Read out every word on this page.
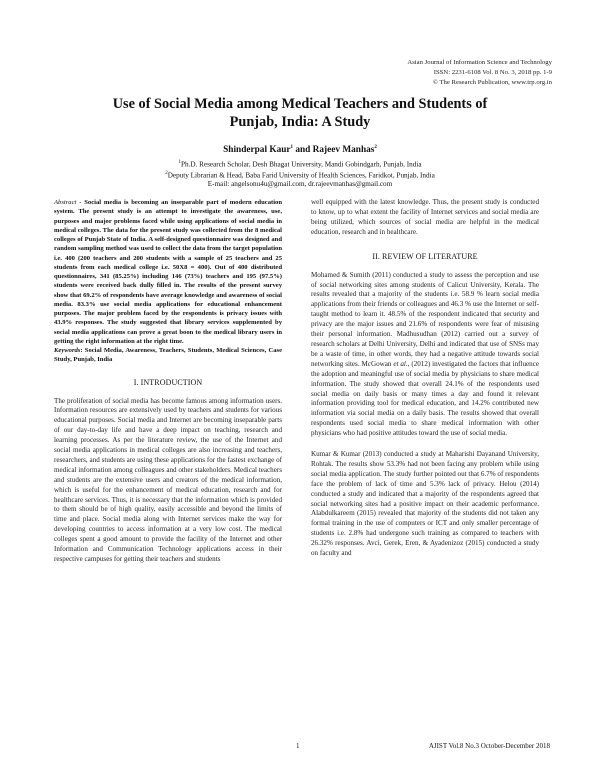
Asian Journal of Information Science and Technology
ISSN: 2231-6108 Vol. 8 No. 3, 2018 pp. 1-9
© The Research Publication, www.trp.org.in
Use of Social Media among Medical Teachers and Students of
Punjab, India: A Study
Shinderpal Kaur$^1$ and Rajeev Manhas$^2$
$^1$Ph.D. Research Scholar, Desh Bhagat University, Mandi Gobindgarh, Punjab, India
$^2$Deputy Librarian & Head, Baba Farid University of Health Sciences, Faridkot, Punjab, India
E-mail: angelsonu4u@gmail.com, dr.rajeevmanhas@gmail.com

Abstract - Social media is becoming an inseparable part of modern education system. The present study is an attempt to investigate the awareness, use, purposes and major problems faced while using applications of social media in medical colleges. The data for the present study was collected from the 8 medical colleges of Punjab State of India. A self-designed questionnaire was designed and random sampling method was used to collect the data from the target population i.e. 400 (200 teachers and 200 students with a sample of 25 teachers and 25 students from each medical college i.e. 50X8 = 400). Out of 400 distributed questionnaires, 341 (85.25%) including 146 (73%) teachers and 195 (97.5%) students were received back dully filled in. The results of the present survey show that 69.2% of respondents have average knowledge and awareness of social media. 83.3% use social media applications for educational enhancement purposes. The major problem faced by the respondents is privacy issues with 43.9% responses. The study suggested that library services supplemented by social media applications can prove a great boon to the medical library users in getting the right information at the right time.

Keywords: Social Media, Awareness, Teachers, Students, Medical Sciences, Case Study, Punjab, India

I. INTRODUCTION

The proliferation of social media has become famous among information users. Information resources are extensively used by teachers and students for various educational purposes. Social media and Internet are becoming inseparable parts of our day-to-day life and have a deep impact on teaching, research and learning processes. As per the literature review, the use of the Internet and social media applications in medical colleges are also increasing and teachers, researchers, and students are using these applications for the fastest exchange of medical information among colleagues and other stakeholders. Medical teachers and students are the extensive users and creators of the medical information, which is useful for the enhancement of medical education, research and for healthcare services. Thus, it is necessary that the information which is provided to them should be of high quality, easily accessible and beyond the limits of time and place. Social media along with Internet services make the way for developing countries to access information at a very low cost. The medical colleges spent a good amount to provide the facility of the Internet and other Information and Communication Technology applications access in their respective campuses for getting their teachers and students

well equipped with the latest knowledge. Thus, the present study is conducted to know, up to what extent the facility of Internet services and social media are being utilized, which sources of social media are helpful in the medical education, research and in healthcare.

II. REVIEW OF LITERATURE

Mohamed & Sumith (2011) conducted a study to assess the perception and use of social networking sites among students of Calicut University, Kerala. The results revealed that a majority of the students i.e. 58.9 % learn social media applications from their friends or colleagues and 46.3 % use the Internet or self-taught method to learn it. 48.5% of the respondent indicated that security and privacy are the major issues and 21.6% of respondents were fear of misusing their personal information. Madhusudhan (2012) carried out a survey of research scholars at Delhi University, Delhi and indicated that use of SNSs may be a waste of time, in other words, they had a negative attitude towards social networking sites. McGowan et al., (2012) investigated the factors that influence the adoption and meaningful use of social media by physicians to share medical information. The study showed that overall 24.1% of the respondents used social media on daily basis or many times a day and found it relevant information providing tool for medical education, and 14.2% contributed new information via social media on a daily basis. The results showed that overall respondents used social media to share medical information with other physicians who had positive attitudes toward the use of social media.

Kumar & Kumar (2013) conducted a study at Maharishi Dayanand University, Rohtak. The results show 53.3% had not been facing any problem while using social media application. The study further pointed out that 6.7% of respondents face the problem of lack of time and 5.3% lack of privacy. Helou (2014) conducted a study and indicated that a majority of the respondents agreed that social networking sites had a positive impact on their academic performance. Alabdulkareem (2015) revealed that majority of the students did not taken any formal training in the use of computers or ICT and only smaller percentage of students i.e. 2.8% had undergone such training as compared to teachers with 26.32% responses. Avci, Gerek, Eren, & Ayadenizoz (2015) conducted a study on faculty and

1	AJIST Vol.8 No.3 October-December 2018
